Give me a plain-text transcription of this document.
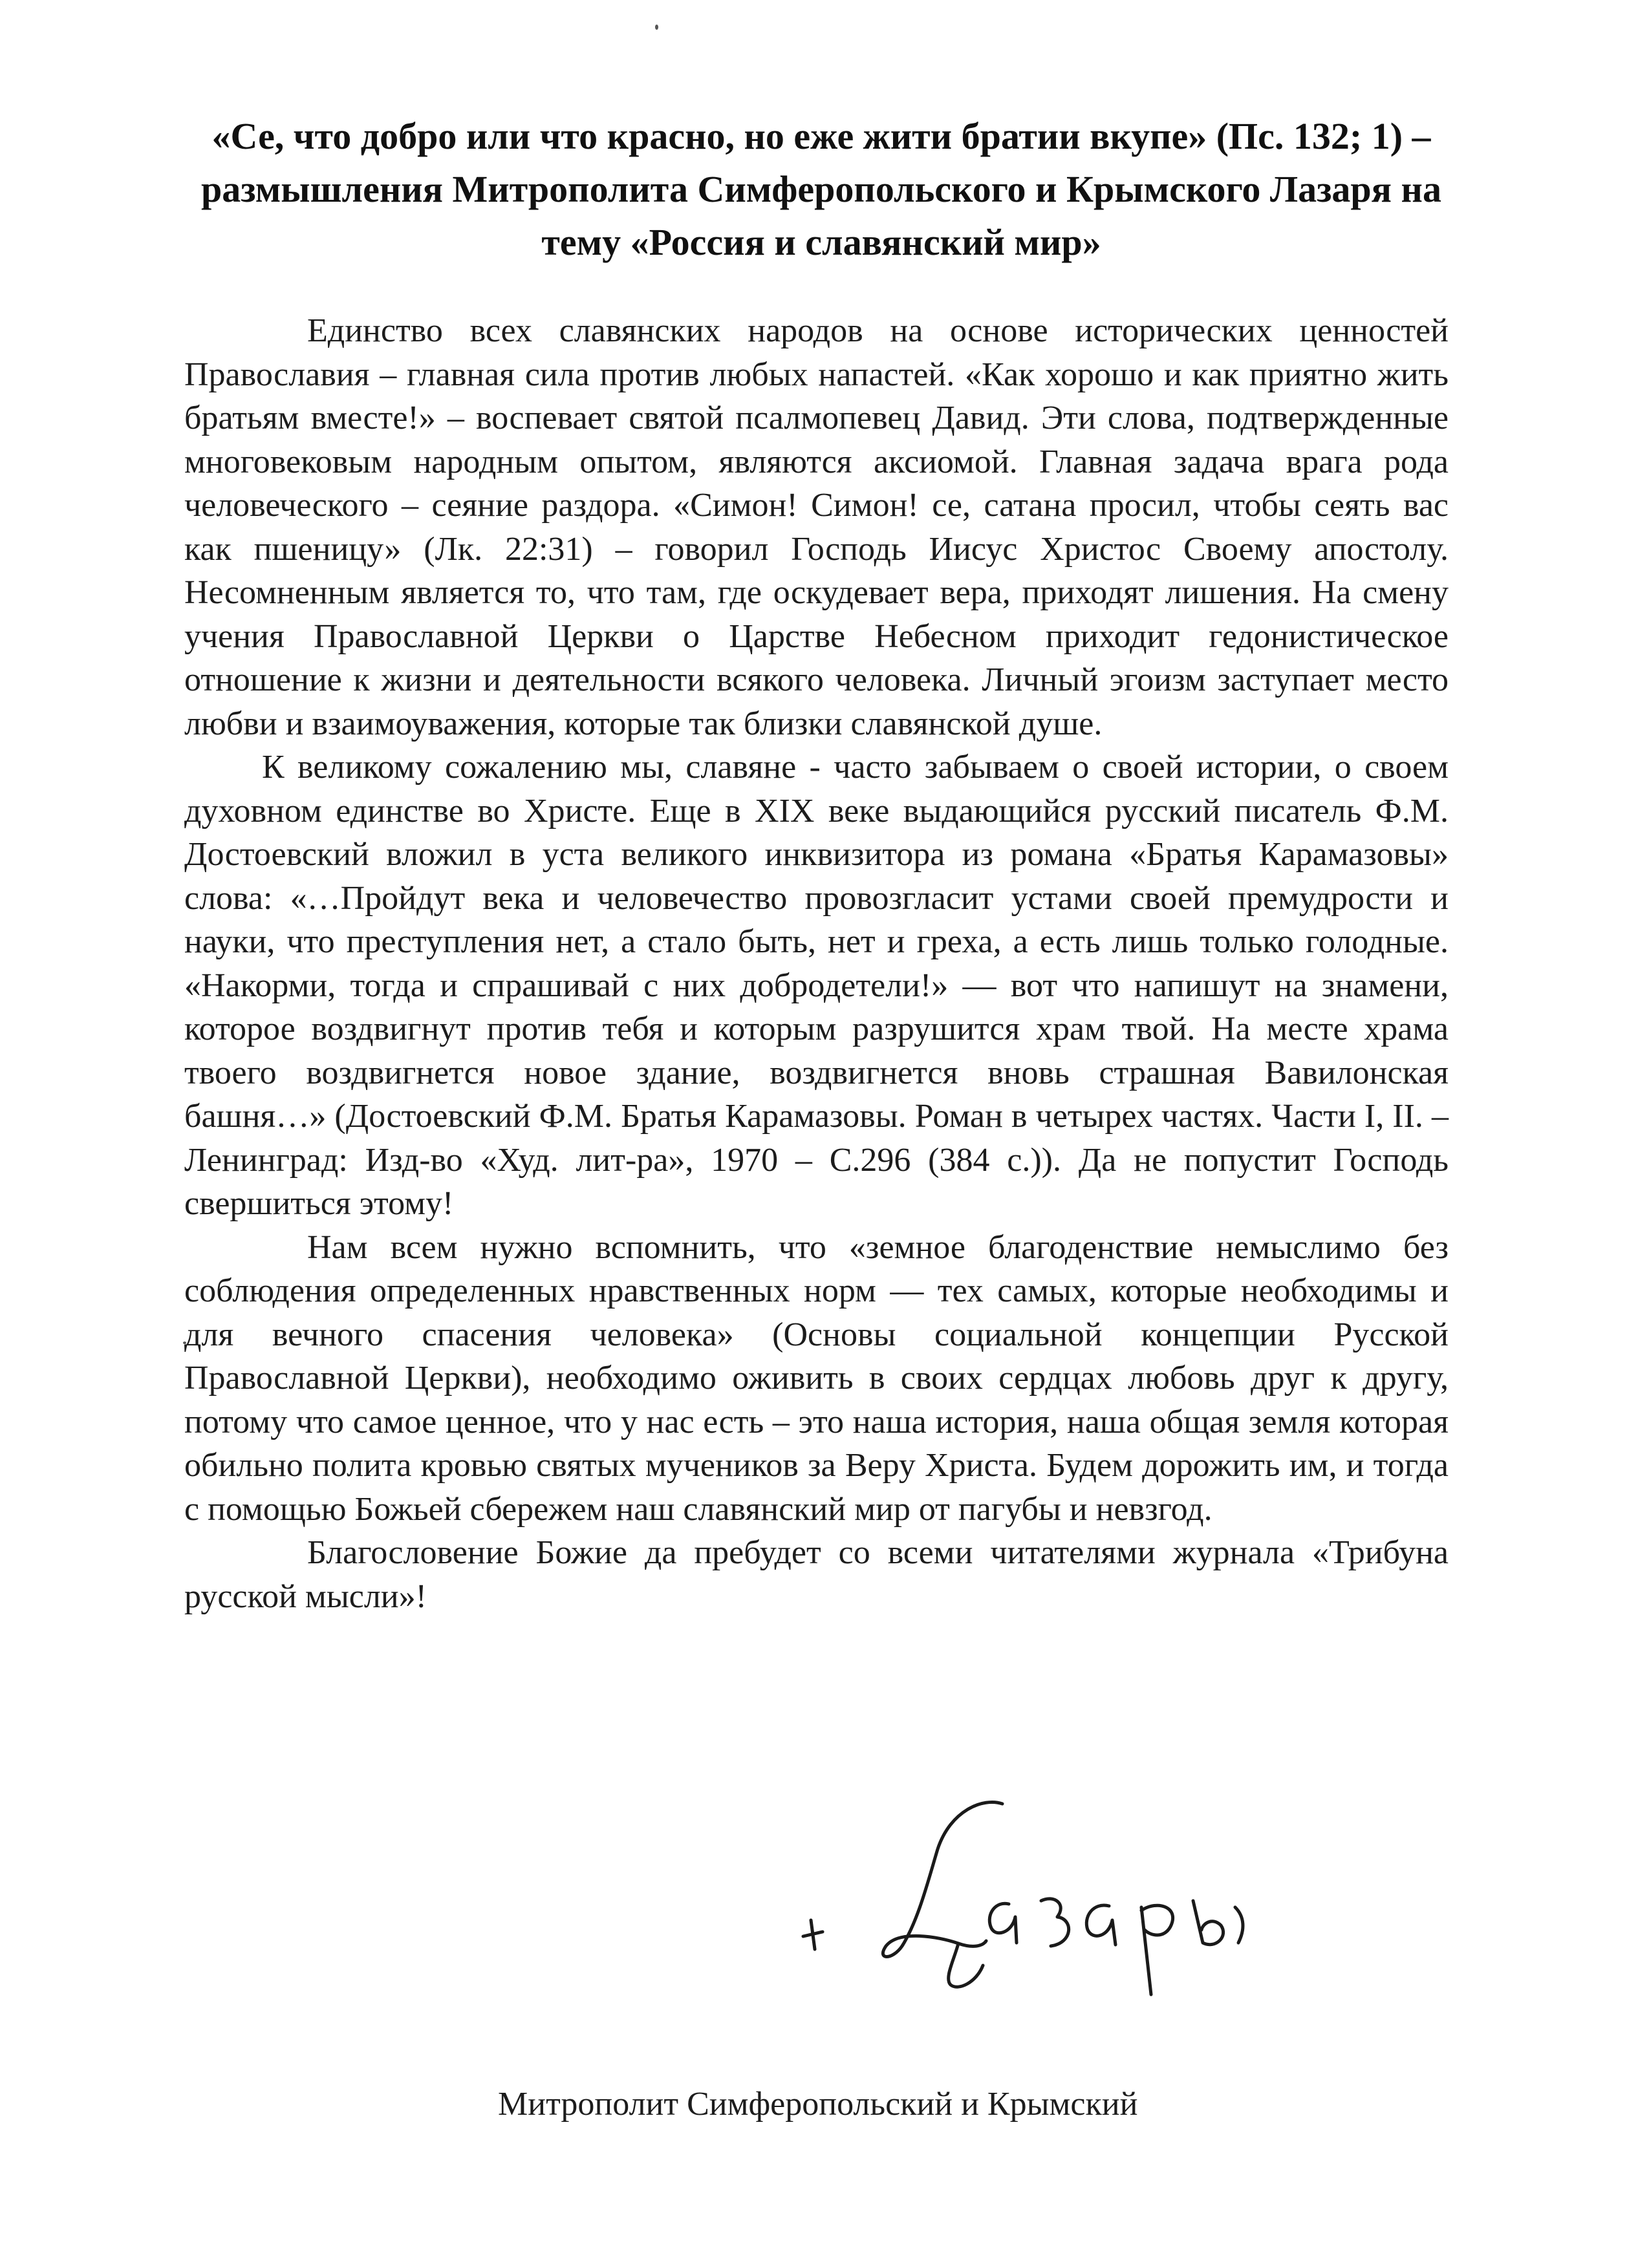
«Се, что добро или что красно, но еже жити братии вкупе» (Пс. 132; 1) – размышления Митрополита Симферопольского и Крымского Лазаря на тему «Россия и славянский мир»

Единство всех славянских народов на основе исторических ценностей Православия – главная сила против любых напастей. «Как хорошо и как приятно жить братьям вместе!» – воспевает святой псалмопевец Давид. Эти слова, подтвержденные многовековым народным опытом, являются аксиомой. Главная задача врага рода человеческого – сеяние раздора. «Симон! Симон! се, сатана просил, чтобы сеять вас как пшеницу» (Лк. 22:31) – говорил Господь Иисус Христос Своему апостолу. Несомненным является то, что там, где оскудевает вера, приходят лишения. На смену учения Православной Церкви о Царстве Небесном приходит гедонистическое отношение к жизни и деятельности всякого человека. Личный эгоизм заступает место любви и взаимоуважения, которые так близки славянской душе.

К великому сожалению мы, славяне - часто забываем о своей истории, о своем духовном единстве во Христе. Еще в XIX веке выдающийся русский писатель Ф.М. Достоевский вложил в уста великого инквизитора из романа «Братья Карамазовы» слова: «…Пройдут века и человечество провозгласит устами своей премудрости и науки, что преступления нет, а стало быть, нет и греха, а есть лишь только голодные. «Накорми, тогда и спрашивай с них добродетели!» — вот что напишут на знамени, которое воздвигнут против тебя и которым разрушится храм твой. На месте храма твоего воздвигнется новое здание, воздвигнется вновь страшная Вавилонская башня…» (Достоевский Ф.М. Братья Карамазовы. Роман в четырех частях. Части I, II. – Ленинград: Изд-во «Худ. лит-ра», 1970 – С.296 (384 с.)). Да не попустит Господь свершиться этому!

Нам всем нужно вспомнить, что «земное благоденствие немыслимо без соблюдения определенных нравственных норм — тех самых, которые необходимы и для вечного спасения человека» (Основы социальной концепции Русской Православной Церкви), необходимо оживить в своих сердцах любовь друг к другу, потому что самое ценное, что у нас есть – это наша история, наша общая земля которая обильно полита кровью святых мучеников за Веру Христа. Будем дорожить им, и тогда с помощью Божьей сбережем наш славянский мир от пагубы и невзгод.

Благословение Божие да пребудет со всеми читателями журнала «Трибуна русской мысли»!

Митрополит Симферопольский и Крымский
